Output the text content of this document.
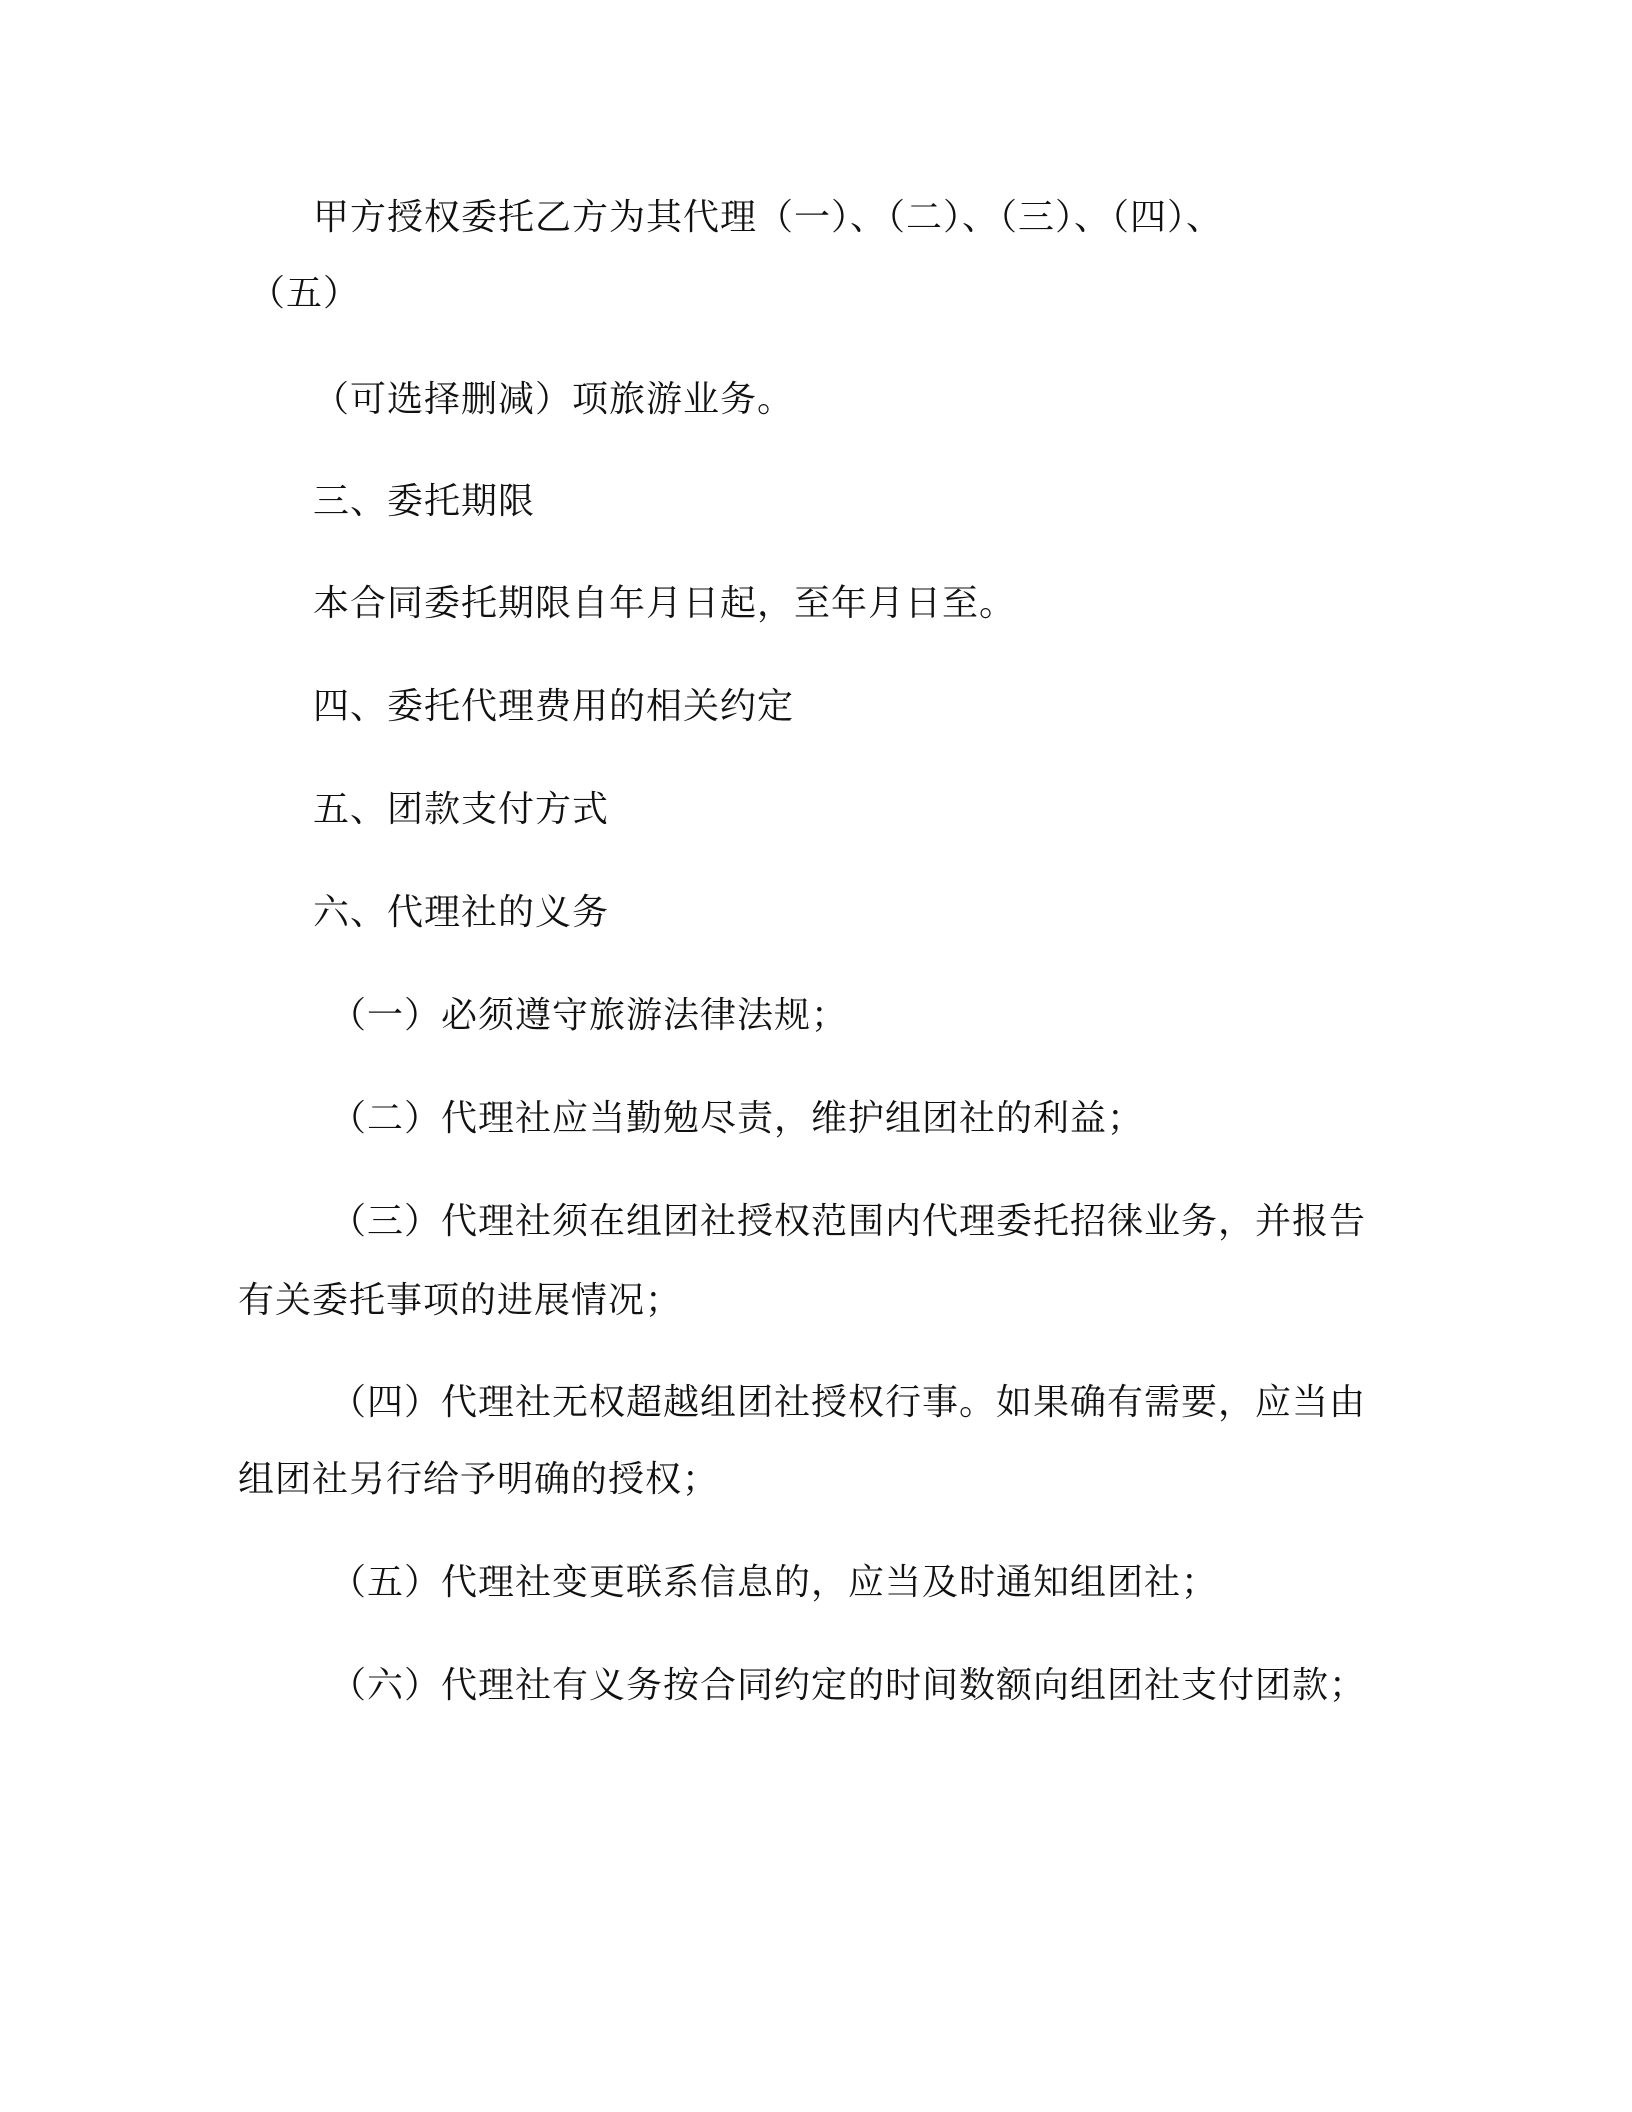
甲方授权委托乙方为其代理（一）、（二）、（三）、（四）、
（五）
（可选择删减）项旅游业务。
三、委托期限
本合同委托期限自年月日起，至年月日至。
四、委托代理费用的相关约定
五、团款支付方式
六、代理社的义务
（一）必须遵守旅游法律法规；
（二）代理社应当勤勉尽责，维护组团社的利益；
（三）代理社须在组团社授权范围内代理委托招徕业务，并报告
有关委托事项的进展情况；
（四）代理社无权超越组团社授权行事。如果确有需要，应当由
组团社另行给予明确的授权；
（五）代理社变更联系信息的，应当及时通知组团社；
（六）代理社有义务按合同约定的时间数额向组团社支付团款；
